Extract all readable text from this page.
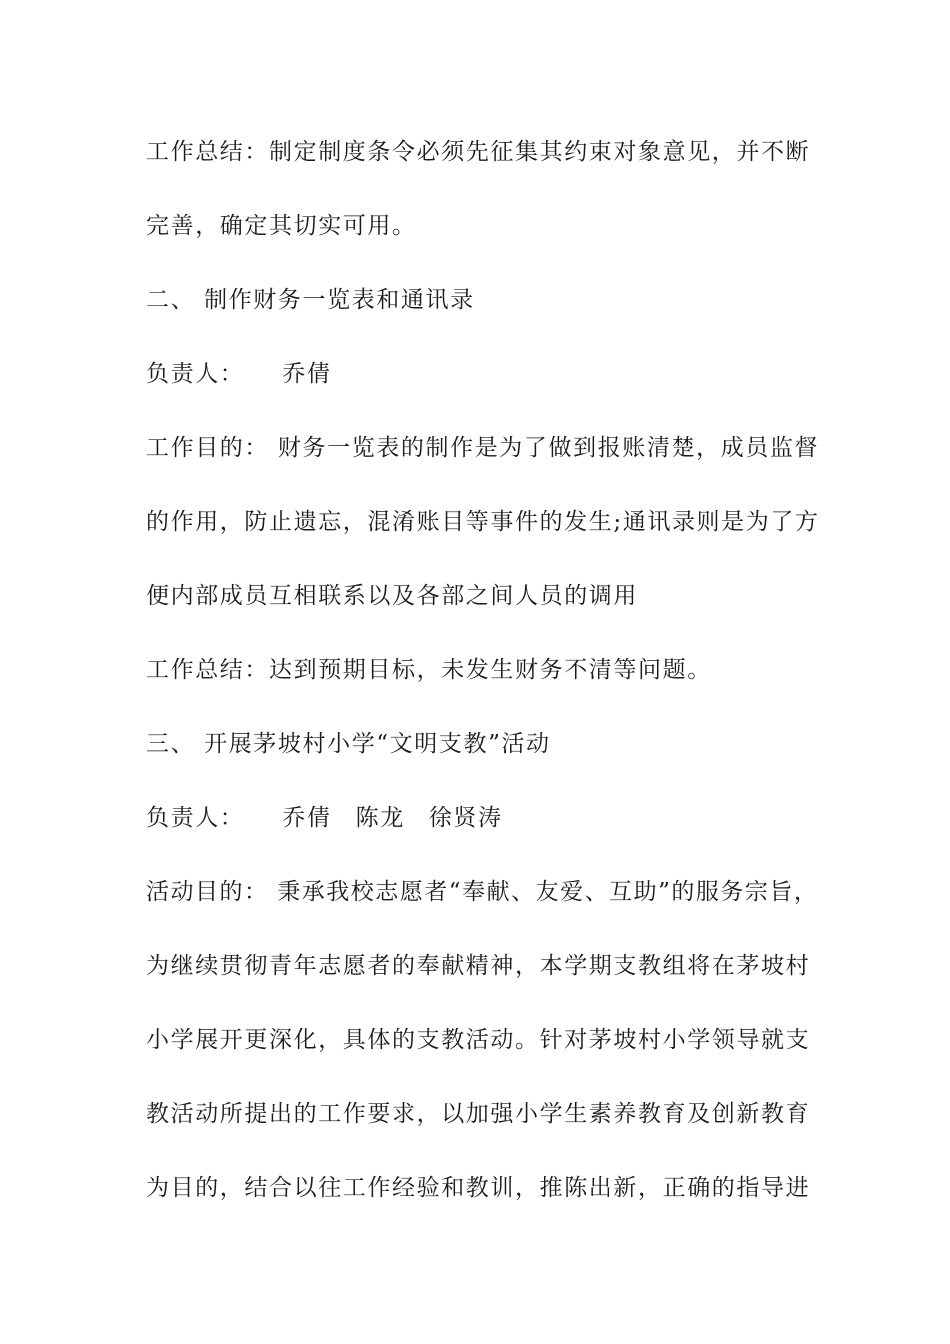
工作总结：制定制度条令必须先征集其约束对象意见，并不断
完善，确定其切实可用。
二、 制作财务一览表和通讯录
负责人： 乔倩
工作目的： 财务一览表的制作是为了做到报账清楚，成员监督
的作用，防止遗忘，混淆账目等事件的发生;通讯录则是为了方
便内部成员互相联系以及各部之间人员的调用
工作总结：达到预期目标，未发生财务不清等问题。
三、 开展茅坡村小学“文明支教”活动
负责人： 乔倩 陈龙 徐贤涛
活动目的： 秉承我校志愿者“奉献、友爱、互助”的服务宗旨，
为继续贯彻青年志愿者的奉献精神，本学期支教组将在茅坡村
小学展开更深化，具体的支教活动。针对茅坡村小学领导就支
教活动所提出的工作要求，以加强小学生素养教育及创新教育
为目的，结合以往工作经验和教训，推陈出新，正确的指导进
